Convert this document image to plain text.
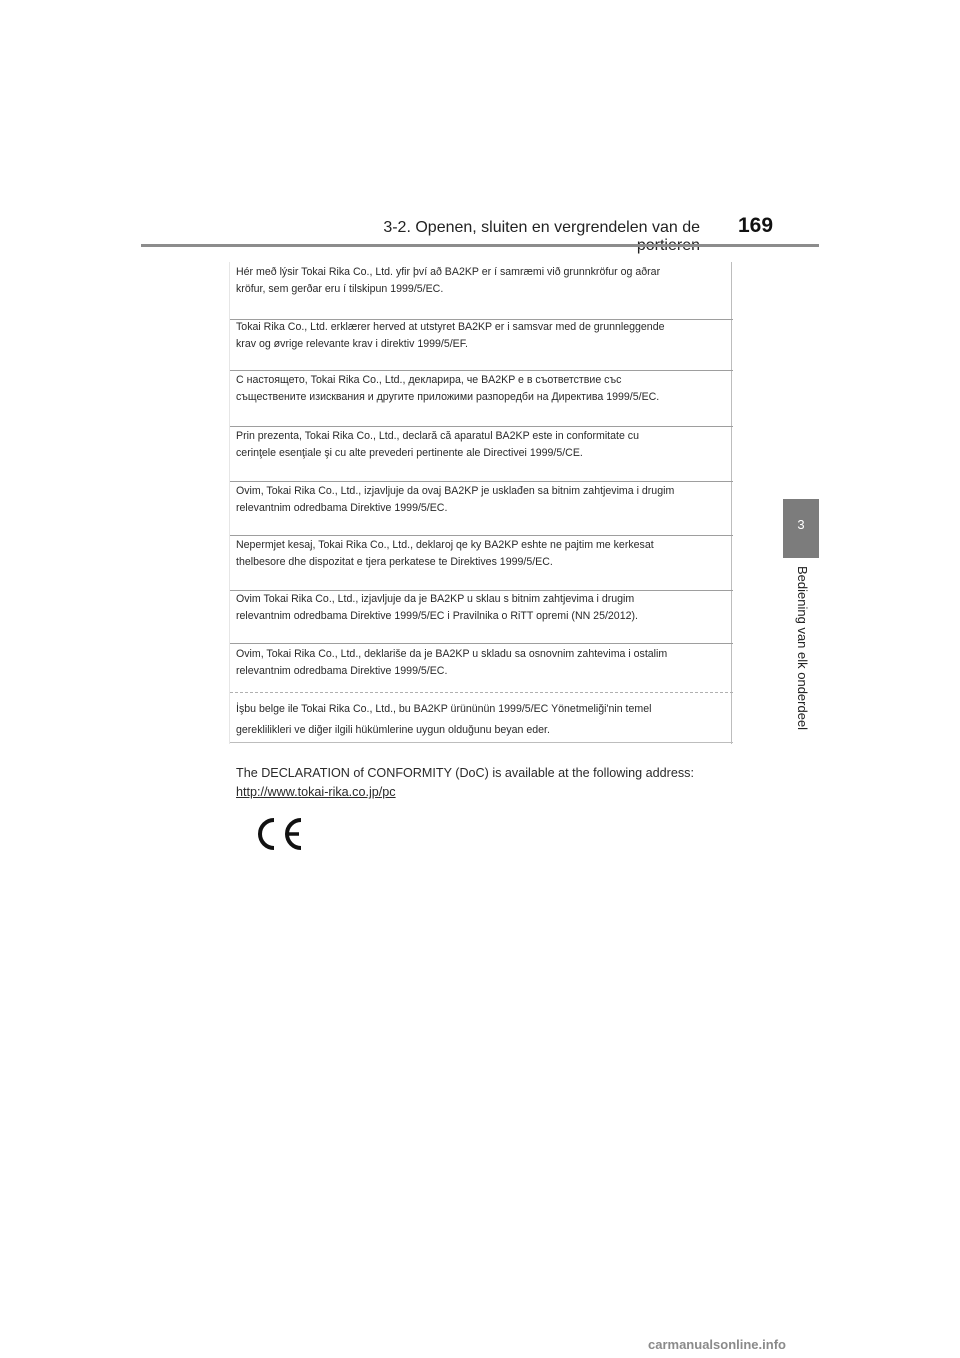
3-2. Openen, sluiten en vergrendelen van de 169
3
Bediening van elk onderdeel
Hér með lýsir Tokai Rika Co., Ltd. yfir því að BA2KP er í samræmi við grunnkröfur og aðrar
kröfur, sem gerðar eru í tilskipun 1999/5/EC.
Tokai Rika Co., Ltd. erklærer herved at utstyret BA2KP er i samsvar med de grunnleggende
krav og øvrige relevante krav i direktiv 1999/5/EF.
С настоящето, Tokai Rika Co., Ltd., декларира, че BA2KP е в съответствие със
съществените изисквания и другите приложими разпоредби на Директива 1999/5/EC.
Prin prezenta, Tokai Rika Co., Ltd., declară că aparatul BA2KP este in conformitate cu
cerinţele esenţiale şi cu alte prevederi pertinente ale Directivei 1999/5/CE.
Ovim, Tokai Rika Co., Ltd., izjavljuje da ovaj BA2KP je usklađen sa bitnim zahtjevima i drugim
relevantnim odredbama Direktive 1999/5/EC.
Nepermjet kesaj, Tokai Rika Co., Ltd., deklaroj qe ky BA2KP eshte ne pajtim me kerkesat
thelbesore dhe dispozitat e tjera perkatese te Direktives 1999/5/EC.
Ovim Tokai Rika Co., Ltd., izjavljuje da je BA2KP u sklau s bitnim zahtjevima i drugim
relevantnim odredbama Direktive 1999/5/EC i Pravilnika o RiTT opremi (NN 25/2012).
Ovim, Tokai Rika Co., Ltd., deklariše da je BA2KP u skladu sa osnovnim zahtevima i ostalim
relevantnim odredbama Direktive 1999/5/EC.
İşbu belge ile Tokai Rika Co., Ltd., bu BA2KP ürününün 1999/5/EC Yönetmeliği'nin temel
gereklilikleri ve diğer ilgili hükümlerine uygun olduğunu beyan eder.
The DECLARATION of CONFORMITY (DoC) is available at the following address:
http://www.tokai-rika.co.jp/pc
carmanualsonline.info
